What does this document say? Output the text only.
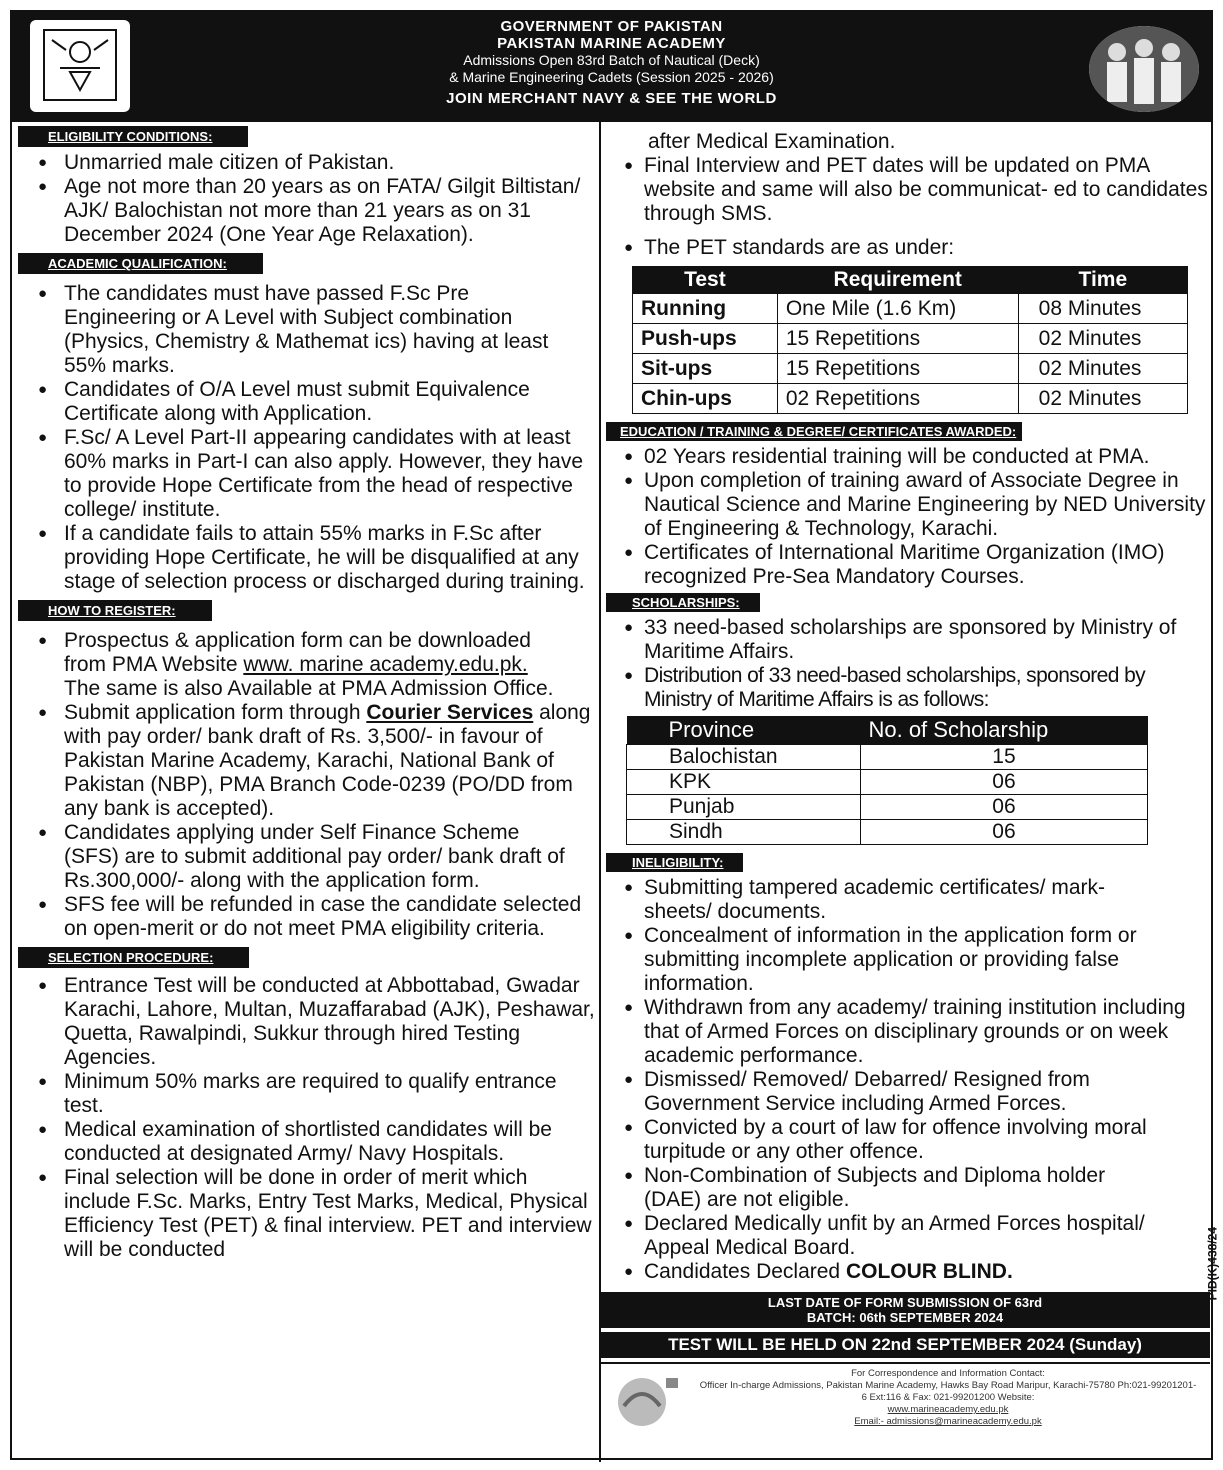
GOVERNMENT OF PAKISTAN
PAKISTAN MARINE ACADEMY
Admissions Open 83rd Batch of Nautical (Deck)
& Marine Engineering Cadets (Session 2025 - 2026)
JOIN MERCHANT NAVY & SEE THE WORLD
ELIGIBILITY CONDITIONS:
● Unmarried male citizen of Pakistan.
● Age not more than 20 years as on FATA/ Gilgit Biltistan/ AJK/ Balochistan not more than 21 years as on 31 December 2024 (One Year Age Relaxation).
ACADEMIC QUALIFICATION:
● The candidates must have passed F.Sc Pre Engineering or A Level with Subject combination (Physics, Chemistry & Mathemat ics) having at least 55% marks.
● Candidates of O/A Level must submit Equivalence Certificate along with Application.
● F.Sc/ A Level Part-II appearing candidates with at least 60% marks in Part-I can also apply. However, they have to provide Hope Certificate from the head of respective college/ institute.
● If a candidate fails to attain 55% marks in F.Sc after providing Hope Certificate, he will be disqualified at any stage of selection process or discharged during training.
HOW TO REGISTER:
● Prospectus & application form can be downloaded from PMA Website www. marine academy.edu.pk. The same is also Available at PMA Admission Office.
● Submit application form through Courier Services along with pay order/ bank draft of Rs. 3,500/- in favour of Pakistan Marine Academy, Karachi, National Bank of Pakistan (NBP), PMA Branch Code-0239 (PO/DD from any bank is accepted).
● Candidates applying under Self Finance Scheme (SFS) are to submit additional pay order/ bank draft of Rs.300,000/- along with the application form.
● SFS fee will be refunded in case the candidate selected on open-merit or do not meet PMA eligibility criteria.
SELECTION PROCEDURE:
● Entrance Test will be conducted at Abbottabad, Gwadar Karachi, Lahore, Multan, Muzaffarabad (AJK), Peshawar, Quetta, Rawalpindi, Sukkur through hired Testing Agencies.
● Minimum 50% marks are required to qualify entrance test.
● Medical examination of shortlisted candidates will be conducted at designated Army/ Navy Hospitals.
● Final selection will be done in order of merit which include F.Sc. Marks, Entry Test Marks, Medical, Physical Efficiency Test (PET) & final interview. PET and interview will be conducted
after Medical Examination.
● Final Interview and PET dates will be updated on PMA website and same will also be communicat- ed to candidates through SMS.
● The PET standards are as under:
Test	Requirement	Time
Running	One Mile (1.6 Km)	08 Minutes
Push-ups	15 Repetitions	02 Minutes
Sit-ups	15 Repetitions	02 Minutes
Chin-ups	02 Repetitions	02 Minutes
EDUCATION / TRAINING & DEGREE/ CERTIFICATES AWARDED:
● 02 Years residential training will be conducted at PMA.
● Upon completion of training award of Associate Degree in Nautical Science and Marine Engineering by NED University of Engineering & Technology, Karachi.
● Certificates of International Maritime Organization (IMO) recognized Pre-Sea Mandatory Courses.
SCHOLARSHIPS:
● 33 need-based scholarships are sponsored by Ministry of Maritime Affairs.
● Distribution of 33 need-based scholarships, sponsored by Ministry of Maritime Affairs is as follows:
Province	No. of Scholarship
Balochistan	15
KPK	06
Punjab	06
Sindh	06
INELIGIBILITY:
● Submitting tampered academic certificates/ mark- sheets/ documents.
● Concealment of information in the application form or submitting incomplete application or providing false information.
● Withdrawn from any academy/ training institution including that of Armed Forces on disciplinary grounds or on week academic performance.
● Dismissed/ Removed/ Debarred/ Resigned from Government Service including Armed Forces.
● Convicted by a court of law for offence involving moral turpitude or any other offence.
● Non-Combination of Subjects and Diploma holder (DAE) are not eligible.
● Declared Medically unfit by an Armed Forces hospital/ Appeal Medical Board.
● Candidates Declared COLOUR BLIND.
LAST DATE OF FORM SUBMISSION OF 63rd
BATCH: 06th SEPTEMBER 2024
TEST WILL BE HELD ON 22nd SEPTEMBER 2024 (Sunday)
For Correspondence and Information Contact:
Officer In-charge Admissions, Pakistan Marine Academy, Hawks Bay Road Maripur, Karachi-75780 Ph:021-99201201-6 Ext:116 & Fax: 021-99201200 Website:
www.marineacademy.edu.pk
Email:- admissions@marineacademy.edu.pk
PID(K)438/24
